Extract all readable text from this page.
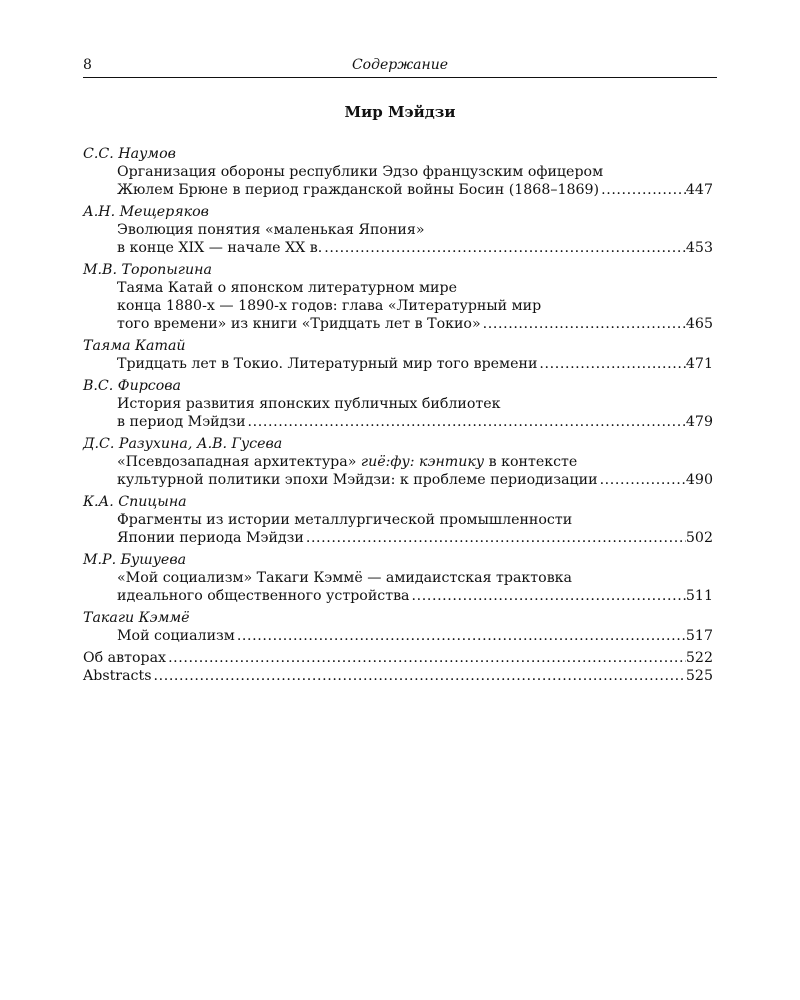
8	Содержание
Мир Мэйдзи
С.С. Наумов
Организация обороны республики Эдзо французским офицером
Жюлем Брюне в период гражданской войны Босин (1868–1869) .....	447
А.Н. Мещеряков
Эволюция понятия «маленькая Япония»
в конце XIX — начале XX в. .....	453
М.В. Торопыгина
Таяма Катай о японском литературном мире
конца 1880-х — 1890-х годов: глава «Литературный мир
того времени» из книги «Тридцать лет в Токио» .....	465
Таяма Катай
Тридцать лет в Токио. Литературный мир того времени .....	471
В.С. Фирсова
История развития японских публичных библиотек
в период Мэйдзи .....	479
Д.С. Разухина, А.В. Гусева
«Псевдозападная архитектура» гиё:фу: кэнтику в контексте
культурной политики эпохи Мэйдзи: к проблеме периодизации .....	490
К.А. Спицына
Фрагменты из истории металлургической промышленности
Японии периода Мэйдзи .....	502
М.Р. Бушуева
«Мой социализм» Такаги Кэммё — амидаистская трактовка
идеального общественного устройства .....	511
Такаги Кэммё
Мой социализм .....	517
Об авторах .....	522
Abstracts .....	525
